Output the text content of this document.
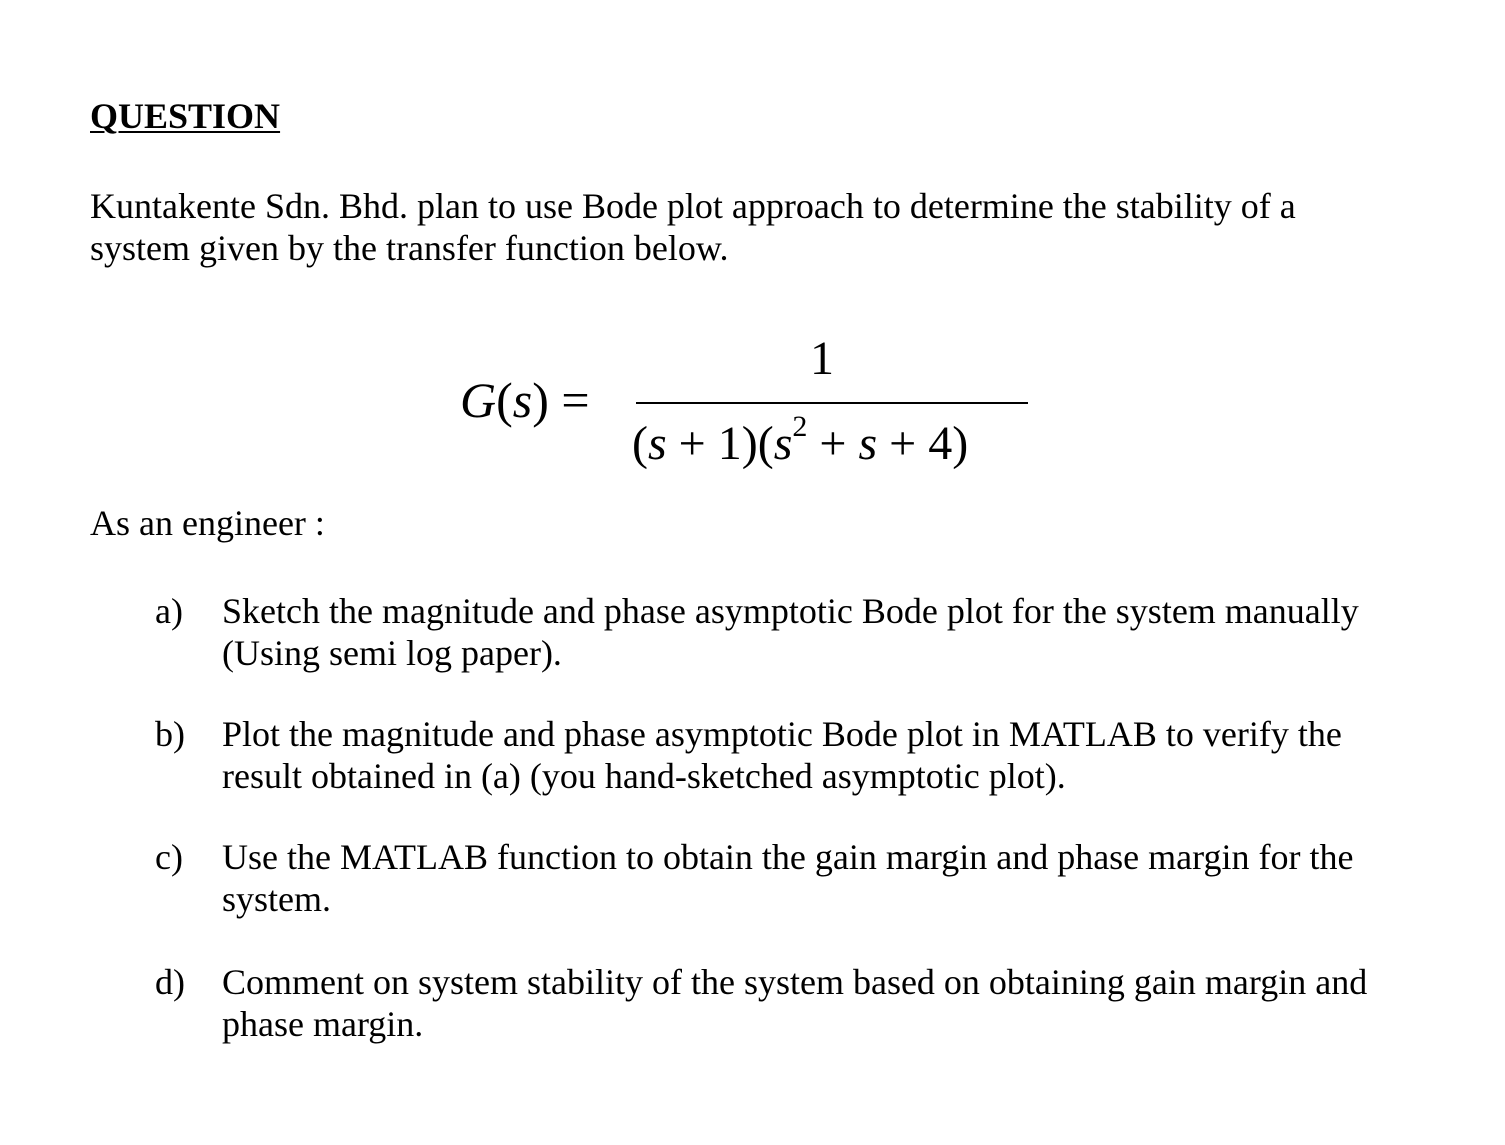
QUESTION
Kuntakente Sdn. Bhd. plan to use Bode plot approach to determine the stability of a
system given by the transfer function below.
G(s) =
1
$(s + 1)(s^2 + s + 4)$
As an engineer :
a)	Sketch the magnitude and phase asymptotic Bode plot for the system manually
(Using semi log paper).
b)	Plot the magnitude and phase asymptotic Bode plot in MATLAB to verify the
result obtained in (a) (you hand-sketched asymptotic plot).
c)	Use the MATLAB function to obtain the gain margin and phase margin for the
system.
d)	Comment on system stability of the system based on obtaining gain margin and
phase margin.
